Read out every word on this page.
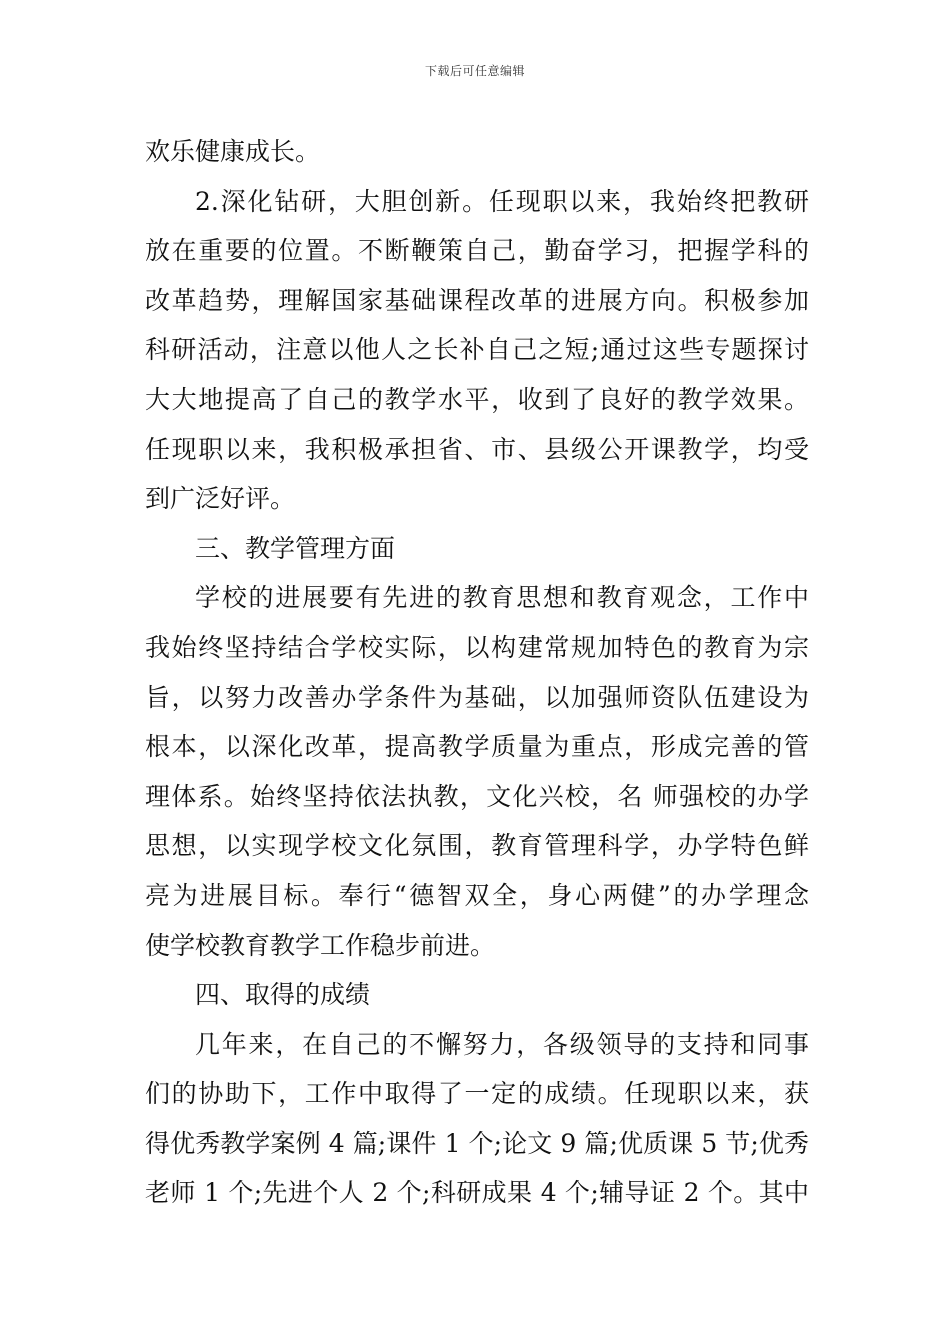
下载后可任意编辑
欢乐健康成长。
2.深化钻研，大胆创新。任现职以来，我始终把教研
放在重要的位置。不断鞭策自己，勤奋学习，把握学科的
改革趋势，理解国家基础课程改革的进展方向。积极参加
科研活动，注意以他人之长补自己之短;通过这些专题探讨
大大地提高了自己的教学水平，收到了良好的教学效果。
任现职以来，我积极承担省、市、县级公开课教学，均受
到广泛好评。
三、教学管理方面
学校的进展要有先进的教育思想和教育观念，工作中
我始终坚持结合学校实际，以构建常规加特色的教育为宗
旨，以努力改善办学条件为基础，以加强师资队伍建设为
根本，以深化改革，提高教学质量为重点，形成完善的管
理体系。始终坚持依法执教，文化兴校，名 师强校的办学
思想，以实现学校文化氛围，教育管理科学，办学特色鲜
亮为进展目标。奉行“德智双全，身心两健”的办学理念
使学校教育教学工作稳步前进。
四、取得的成绩
几年来，在自己的不懈努力，各级领导的支持和同事
们的协助下，工作中取得了一定的成绩。任现职以来，获
得优秀教学案例 4 篇;课件 1 个;论文 9 篇;优质课 5 节;优秀
老师 1 个;先进个人 2 个;科研成果 4 个;辅导证 2 个。其中
